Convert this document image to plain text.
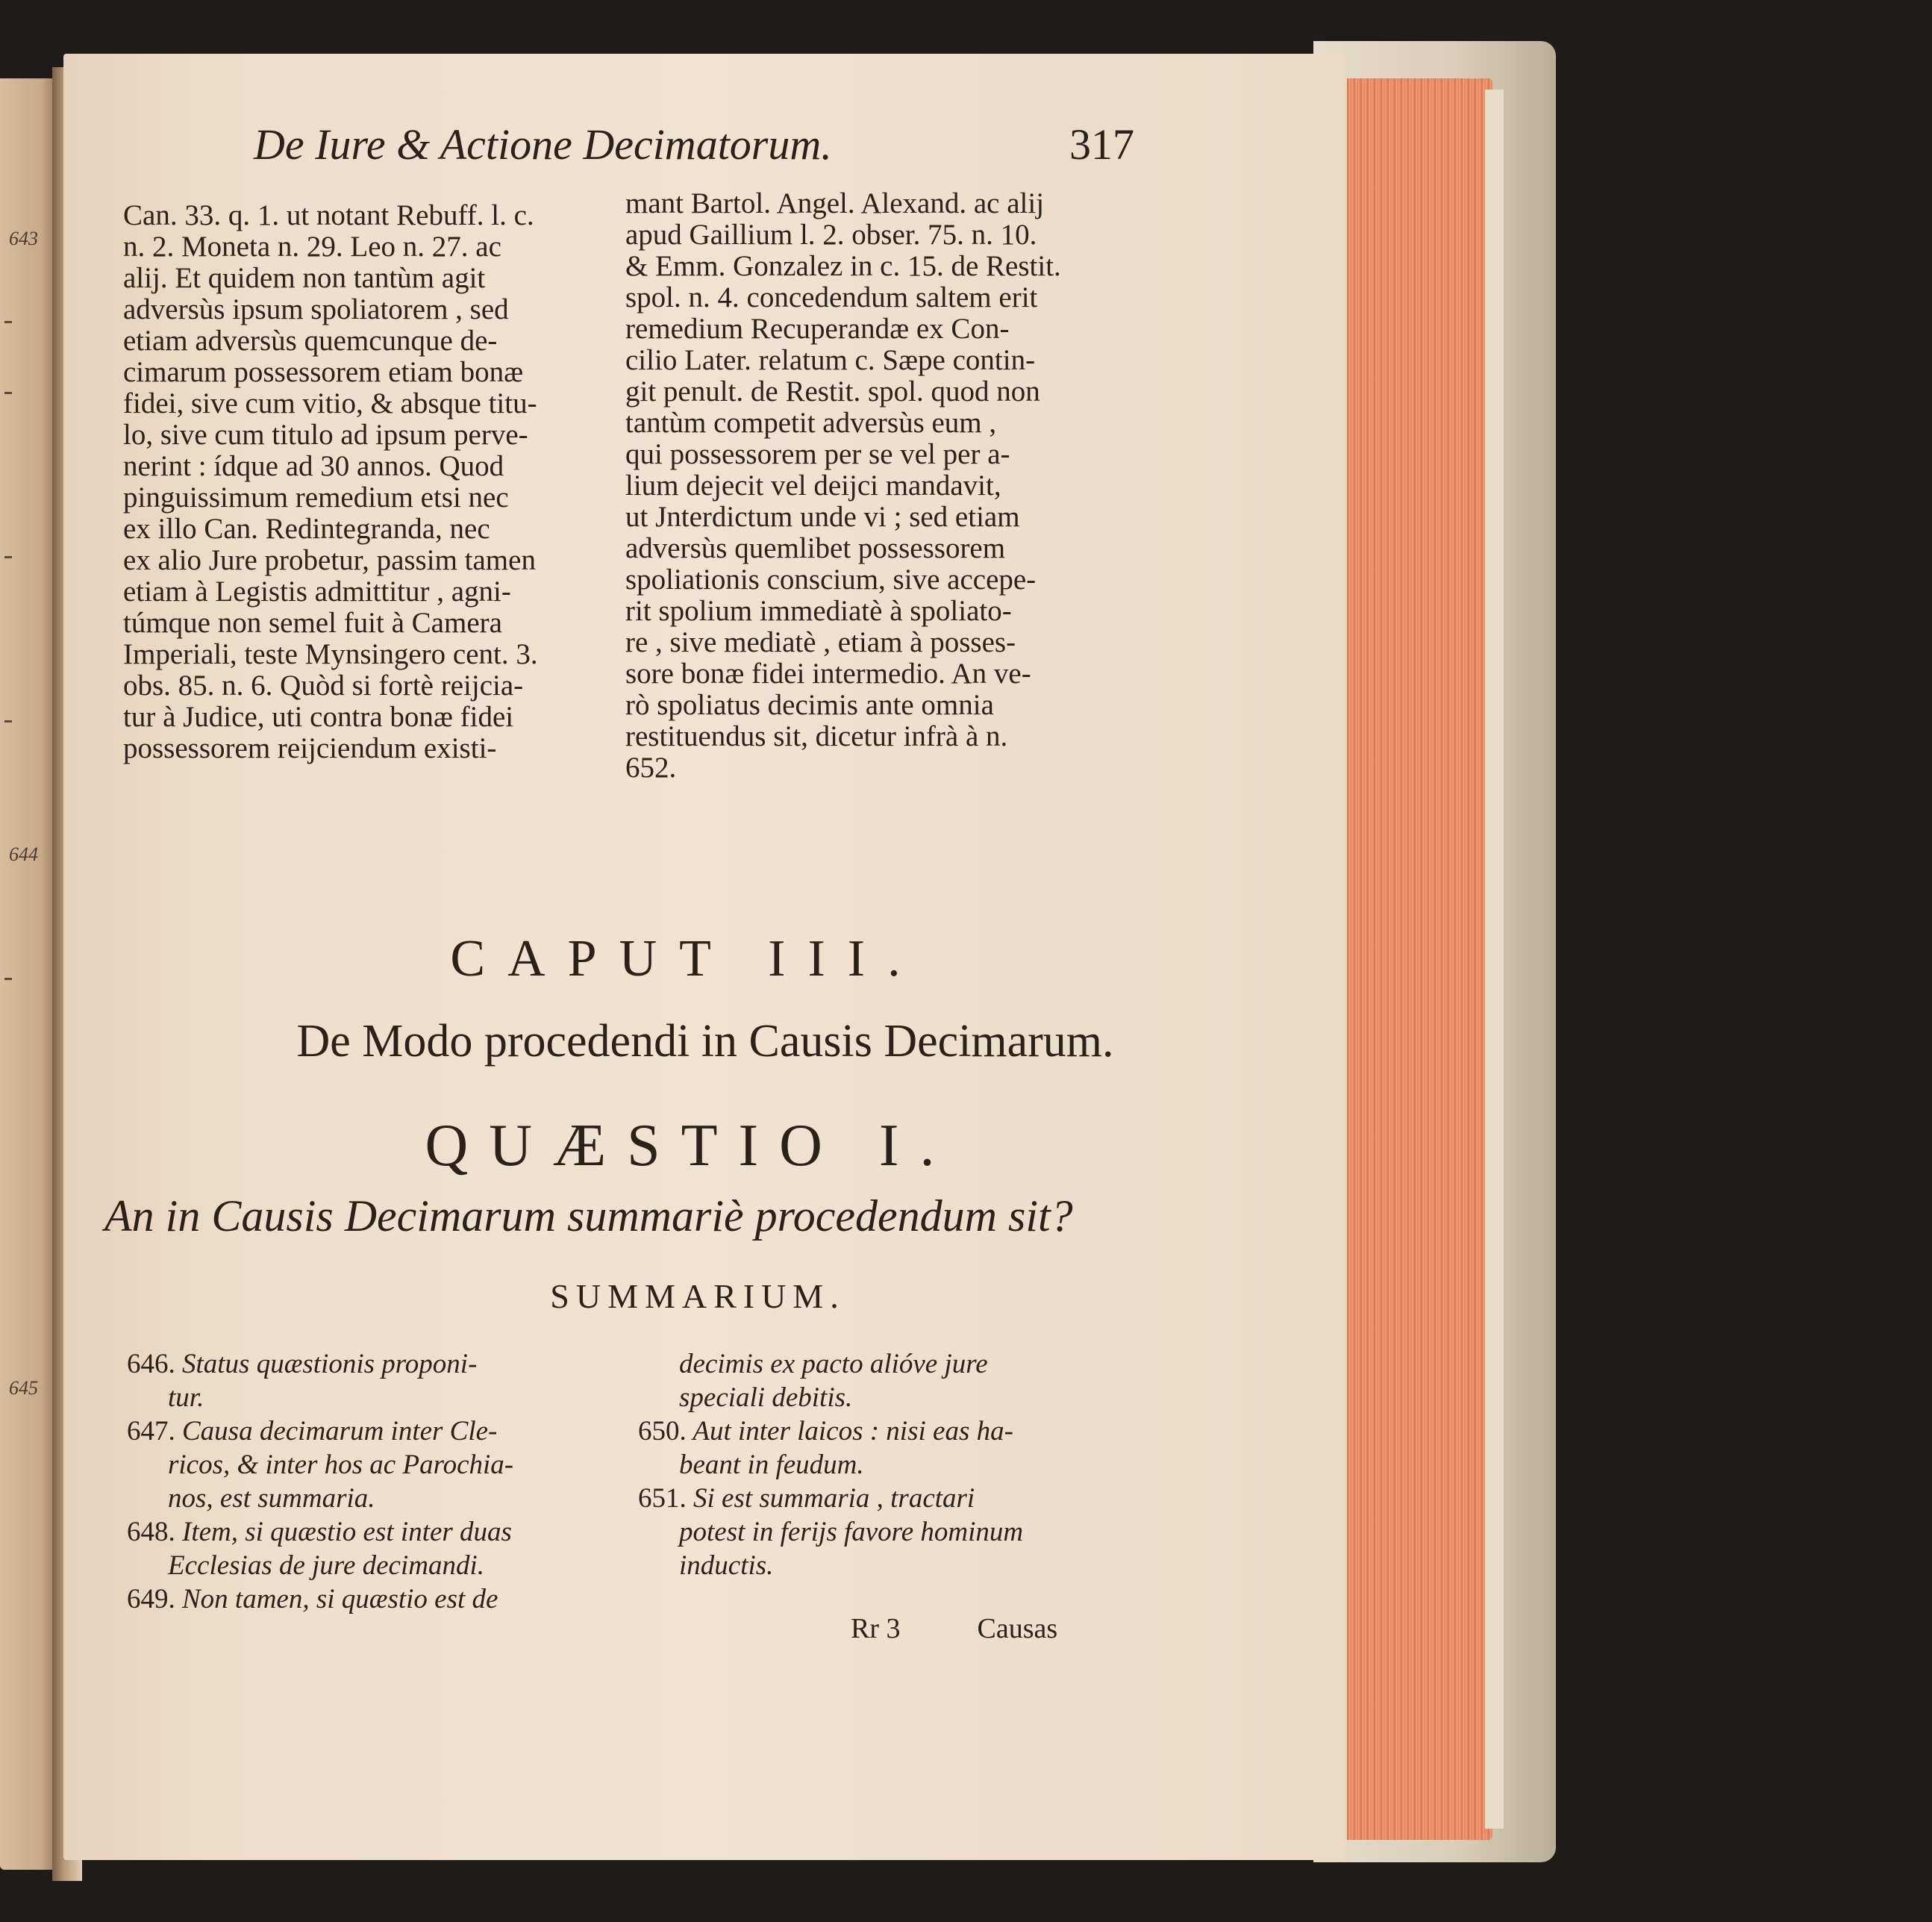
643
644
645
De Iure & Actione Decimatorum.	317
Can. 33. q. 1. ut notant Rebuff. l. c.
n. 2. Moneta n. 29. Leo n. 27. ac
alij. Et quidem non tantùm agit
adversùs ipsum spoliatorem , sed
etiam adversùs quemcunque de-
cimarum possessorem etiam bonæ
fidei, sive cum vitio, & absque titu-
lo, sive cum titulo ad ipsum perve-
nerint : ídque ad 30 annos. Quod
pinguissimum remedium etsi nec
ex illo Can. Redintegranda, nec
ex alio Jure probetur, passim tamen
etiam à Legistis admittitur , agni-
túmque non semel fuit à Camera
Imperiali, teste Mynsingero cent. 3.
obs. 85. n. 6. Quòd si fortè reijcia-
tur à Judice, uti contra bonæ fidei
possessorem reijciendum existi-
mant Bartol. Angel. Alexand. ac alij
apud Gaillium l. 2. obser. 75. n. 10.
& Emm. Gonzalez in c. 15. de Restit.
spol. n. 4. concedendum saltem erit
remedium Recuperandæ ex Con-
cilio Later. relatum c. Sæpe contin-
git penult. de Restit. spol. quod non
tantùm competit adversùs eum ,
qui possessorem per se vel per a-
lium dejecit vel deijci mandavit,
ut Jnterdictum unde vi ; sed etiam
adversùs quemlibet possessorem
spoliationis conscium, sive accepe-
rit spolium immediatè à spoliato-
re , sive mediatè , etiam à posses-
sore bonæ fidei intermedio. An ve-
rò spoliatus decimis ante omnia
restituendus sit, dicetur infrà à n.
652.
CAPUT III.
De Modo procedendi in Causis Decimarum.
QUÆSTIO I.
An in Causis Decimarum summariè procedendum sit?
SUMMARIUM.

646. Status quæstionis proponi-

tur.

647. Causa decimarum inter Cle-

ricos, & inter hos ac Parochia-

nos, est summaria.

648. Item, si quæstio est inter duas

Ecclesias de jure decimandi.

649. Non tamen, si quæstio est de

decimis ex pacto alióve jure

speciali debitis.

650. Aut inter laicos : nisi eas ha-

beant in feudum.

651. Si est summaria , tractari

potest in ferijs favore hominum

inductis.

Rr 3	Causas
